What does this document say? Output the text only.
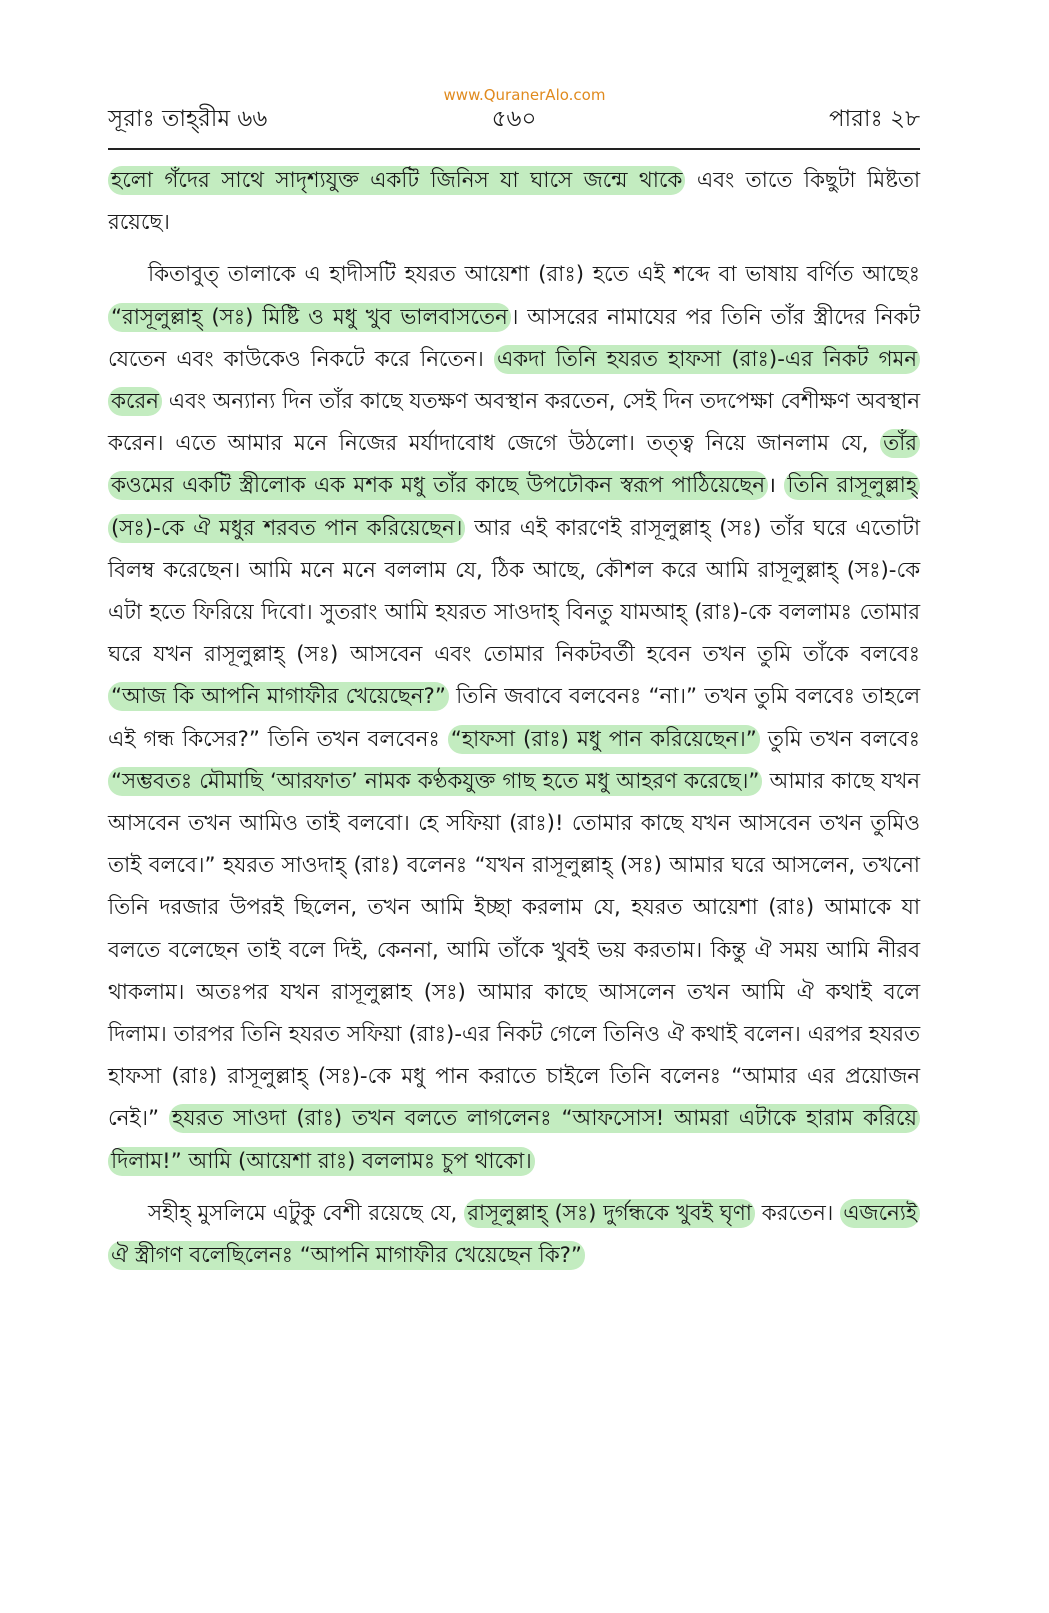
www.QuranerAlo.com
সূরাঃ তাহ্‌রীম ৬৬	৫৬০	পারাঃ ২৮

হলো গঁদের সাথে সাদৃশ্যযুক্ত একটি জিনিস যা ঘাসে জন্মে থাকে এবং তাতে কিছুটা মিষ্টতা রয়েছে।

কিতাবুত্ তালাকে এ হাদীসটি হযরত আয়েশা (রাঃ) হতে এই শব্দে বা ভাষায় বর্ণিত আছেঃ “রাসূলুল্লাহ্ (সঃ) মিষ্টি ও মধু খুব ভালবাসতেন । আসরের নামাযের পর তিনি তাঁর স্ত্রীদের নিকট যেতেন এবং কাউকেও নিকটে করে নিতেন। একদা তিনি হযরত হাফসা (রাঃ)-এর নিকট গমন করেন এবং অন্যান্য দিন তাঁর কাছে যতক্ষণ অবস্থান করতেন, সেই দিন তদপেক্ষা বেশীক্ষণ অবস্থান করেন। এতে আমার মনে নিজের মর্যাদাবোধ জেগে উঠলো। তত্ত্ব নিয়ে জানলাম যে, তাঁর কওমের একটি স্ত্রীলোক এক মশক মধু তাঁর কাছে উপঢৌকন স্বরূপ পাঠিয়েছেন । তিনি রাসূলুল্লাহ্ (সঃ)-কে ঐ মধুর শরবত পান করিয়েছেন। আর এই কারণেই রাসূলুল্লাহ্ (সঃ) তাঁর ঘরে এতোটা বিলম্ব করেছেন। আমি মনে মনে বললাম যে, ঠিক আছে, কৌশল করে আমি রাসূলুল্লাহ্ (সঃ)-কে এটা হতে ফিরিয়ে দিবো। সুতরাং আমি হযরত সাওদাহ্ বিনতু যামআহ্ (রাঃ)-কে বললামঃ তোমার ঘরে যখন রাসূলুল্লাহ্ (সঃ) আসবেন এবং তোমার নিকটবর্তী হবেন তখন তুমি তাঁকে বলবেঃ “আজ কি আপনি মাগাফীর খেয়েছেন?” তিনি জবাবে বলবেনঃ “না।” তখন তুমি বলবেঃ তাহলে এই গন্ধ কিসের?” তিনি তখন বলবেনঃ “হাফসা (রাঃ) মধু পান করিয়েছেন।” তুমি তখন বলবেঃ “সম্ভবতঃ মৌমাছি ‘আরফাত’ নামক কণ্ঠকযুক্ত গাছ হতে মধু আহরণ করেছে।” আমার কাছে যখন আসবেন তখন আমিও তাই বলবো। হে সফিয়া (রাঃ)! তোমার কাছে যখন আসবেন তখন তুমিও তাই বলবে।” হযরত সাওদাহ্ (রাঃ) বলেনঃ “যখন রাসূলুল্লাহ্ (সঃ) আমার ঘরে আসলেন, তখনো তিনি দরজার উপরই ছিলেন, তখন আমি ইচ্ছা করলাম যে, হযরত আয়েশা (রাঃ) আমাকে যা বলতে বলেছেন তাই বলে দিই, কেননা, আমি তাঁকে খুবই ভয় করতাম। কিন্তু ঐ সময় আমি নীরব থাকলাম। অতঃপর যখন রাসূলুল্লাহ (সঃ) আমার কাছে আসলেন তখন আমি ঐ কথাই বলে দিলাম। তারপর তিনি হযরত সফিয়া (রাঃ)-এর নিকট গেলে তিনিও ঐ কথাই বলেন। এরপর হযরত হাফসা (রাঃ) রাসূলুল্লাহ্ (সঃ)-কে মধু পান করাতে চাইলে তিনি বলেনঃ “আমার এর প্রয়োজন নেই।” হযরত সাওদা (রাঃ) তখন বলতে লাগলেনঃ “আফসোস! আমরা এটাকে হারাম করিয়ে দিলাম!” আমি (আয়েশা রাঃ) বললামঃ চুপ থাকো।

সহীহ্ মুসলিমে এটুকু বেশী রয়েছে যে, রাসূলুল্লাহ্ (সঃ) দুর্গন্ধকে খুবই ঘৃণা করতেন। এজন্যেই ঐ স্ত্রীগণ বলেছিলেনঃ “আপনি মাগাফীর খেয়েছেন কি?”
